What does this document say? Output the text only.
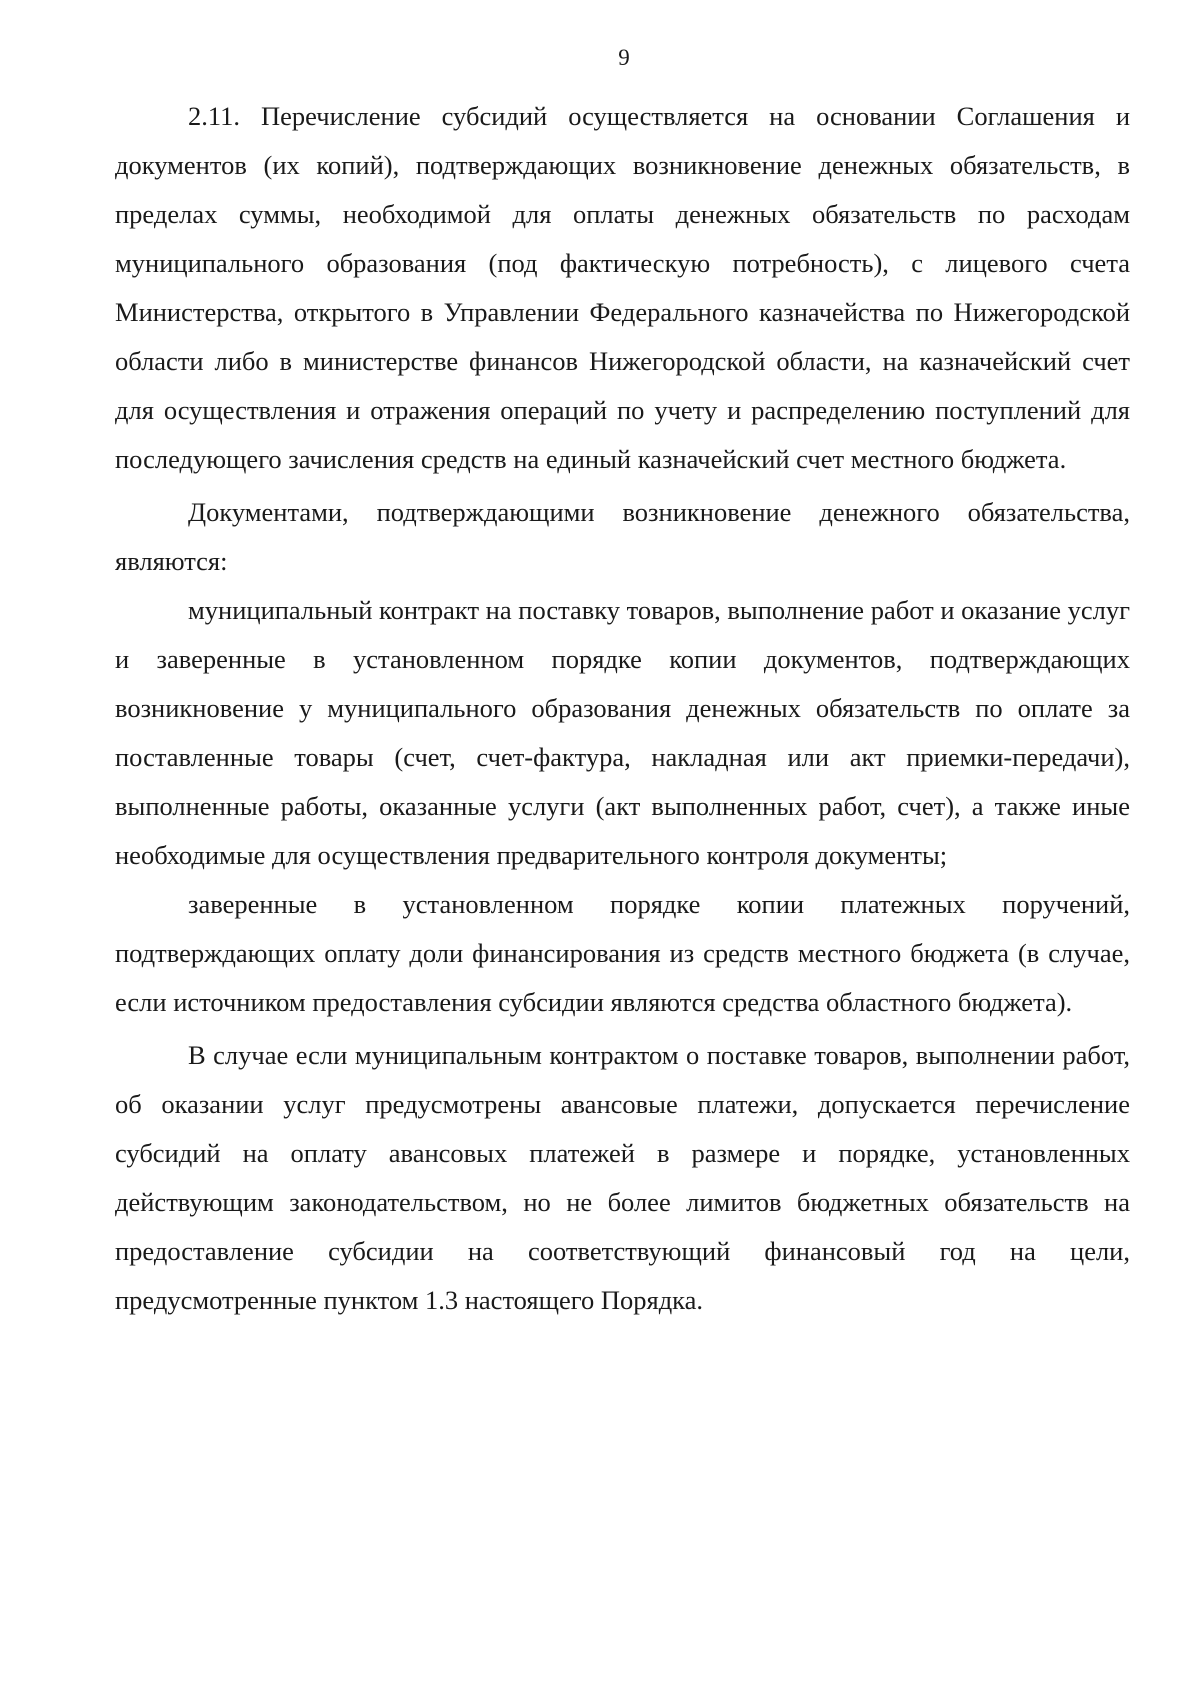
9

2.11. Перечисление субсидий осуществляется на основании Соглашения и документов (их копий), подтверждающих возникновение денежных обязательств, в пределах суммы, необходимой для оплаты денежных обязательств по расходам муниципального образования (под фактическую потребность), с лицевого счета Министерства, открытого в Управлении Федерального казначейства по Нижегородской области либо в министерстве финансов Нижегородской области, на казначейский счет для осуществления и отражения операций по учету и распределению поступлений для последующего зачисления средств на единый казначейский счет местного бюджета.

Документами, подтверждающими возникновение денежного обязательства, являются:

муниципальный контракт на поставку товаров, выполнение работ и оказание услуг и заверенные в установленном порядке копии документов, подтверждающих возникновение у муниципального образования денежных обязательств по оплате за поставленные товары (счет, счет-фактура, накладная или акт приемки-передачи), выполненные работы, оказанные услуги (акт выполненных работ, счет), а также иные необходимые для осуществления предварительного контроля документы;

заверенные в установленном порядке копии платежных поручений, подтверждающих оплату доли финансирования из средств местного бюджета (в случае, если источником предоставления субсидии являются средства областного бюджета).

В случае если муниципальным контрактом о поставке товаров, выполнении работ, об оказании услуг предусмотрены авансовые платежи, допускается перечисление субсидий на оплату авансовых платежей в размере и порядке, установленных действующим законодательством, но не более лимитов бюджетных обязательств на предоставление субсидии на соответствующий финансовый год на цели, предусмотренные пунктом 1.3 настоящего Порядка.
